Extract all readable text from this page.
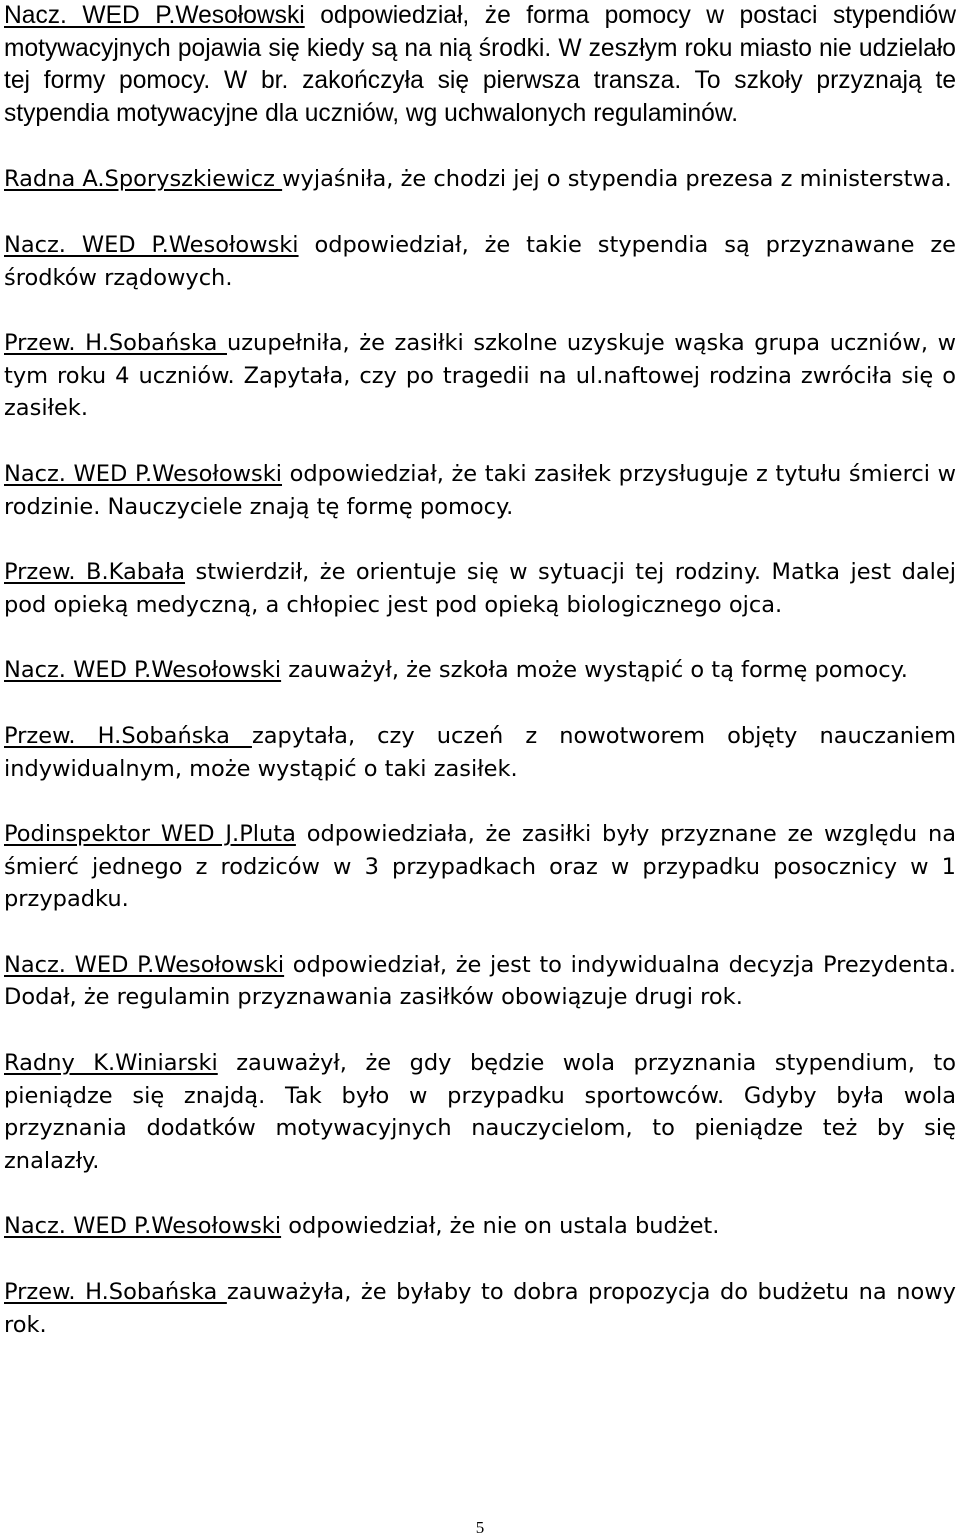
Nacz. WED P.Wesołowski odpowiedział, że forma pomocy w postaci stypendiów motywacyjnych pojawia się kiedy są na nią środki. W zeszłym roku miasto nie udzielało tej formy pomocy. W br. zakończyła się pierwsza transza. To szkoły przyznają te stypendia motywacyjne dla uczniów, wg uchwalonych regulaminów.

Radna A.Sporyszkiewicz wyjaśniła, że chodzi jej o stypendia prezesa z ministerstwa.

Nacz. WED P.Wesołowski odpowiedział, że takie stypendia są przyznawane ze środków rządowych.

Przew. H.Sobańska uzupełniła, że zasiłki szkolne uzyskuje wąska grupa uczniów, w tym roku 4 uczniów. Zapytała, czy po tragedii na ul.naftowej rodzina zwróciła się o zasiłek.

Nacz. WED P.Wesołowski odpowiedział, że taki zasiłek przysługuje z tytułu śmierci w rodzinie. Nauczyciele znają tę formę pomocy.

Przew. B.Kabała stwierdził, że orientuje się w sytuacji tej rodziny. Matka jest dalej pod opieką medyczną, a chłopiec jest pod opieką biologicznego ojca.

Nacz. WED P.Wesołowski zauważył, że szkoła może wystąpić o tą formę pomocy.

Przew. H.Sobańska zapytała, czy uczeń z nowotworem objęty nauczaniem indywidualnym, może wystąpić o taki zasiłek.

Podinspektor WED J.Pluta odpowiedziała, że zasiłki były przyznane ze względu na śmierć jednego z rodziców w 3 przypadkach oraz w przypadku posocznicy w 1 przypadku.

Nacz. WED P.Wesołowski odpowiedział, że jest to indywidualna decyzja Prezydenta. Dodał, że regulamin przyznawania zasiłków obowiązuje drugi rok.

Radny K.Winiarski zauważył, że gdy będzie wola przyznania stypendium, to pieniądze się znajdą. Tak było w przypadku sportowców. Gdyby była wola przyznania dodatków motywacyjnych nauczycielom, to pieniądze też by się znalazły.

Nacz. WED P.Wesołowski odpowiedział, że nie on ustala budżet.

Przew. H.Sobańska zauważyła, że byłaby to dobra propozycja do budżetu na nowy rok.

5
